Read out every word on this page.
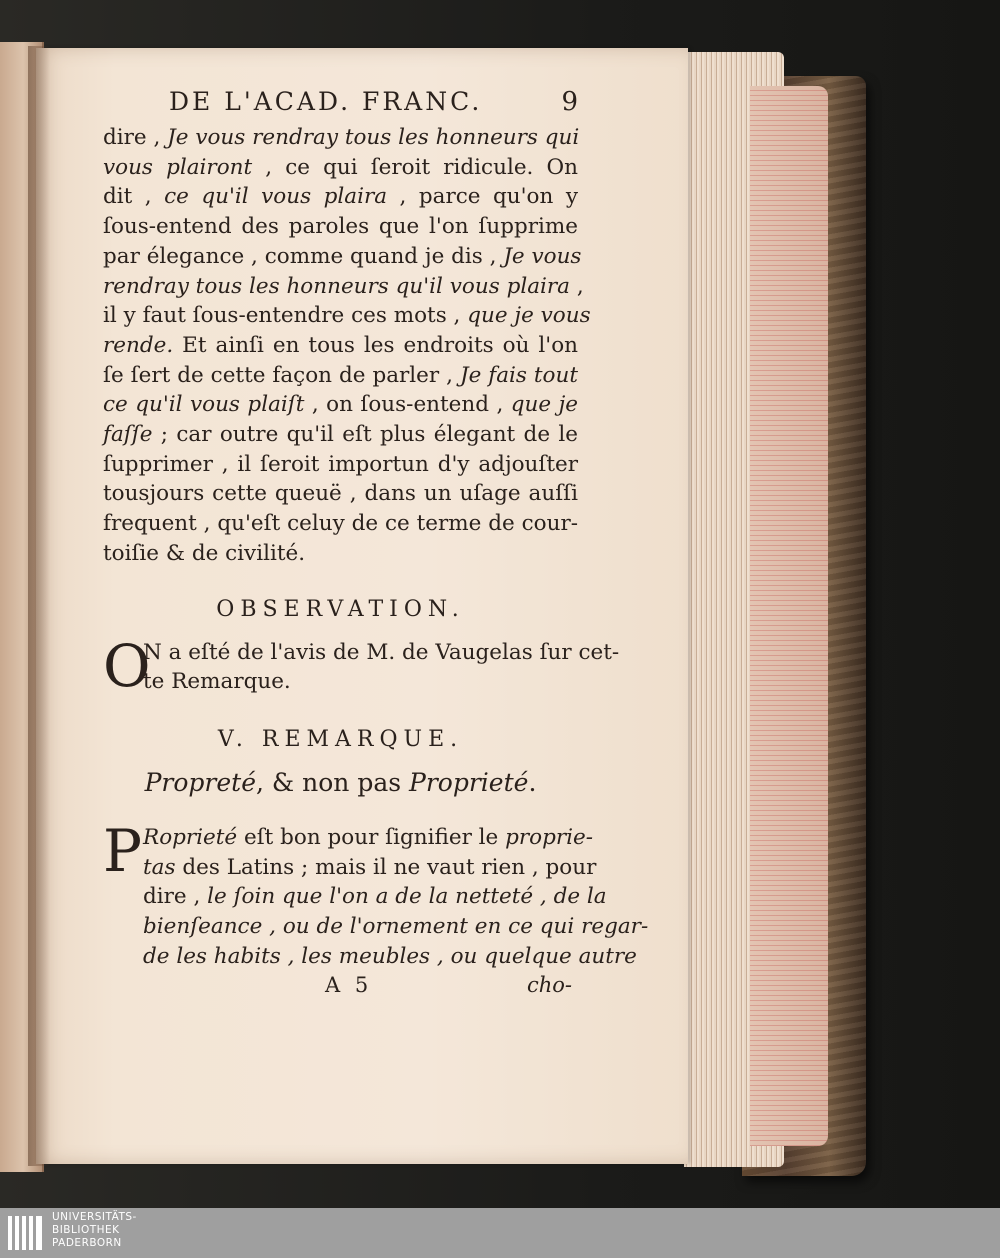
DE L'ACAD. FRANC.	9
dire , Je vous rendray tous les honneurs qui
vous plairont , ce qui ſeroit ridicule. On
dit , ce qu'il vous plaira , parce qu'on y
ſous-entend des paroles que l'on ſupprime
par élegance , comme quand je dis , Je vous
rendray tous les honneurs qu'il vous plaira ,
il y faut ſous-entendre ces mots , que je vous
rende. Et ainſi en tous les endroits où l'on
ſe ſert de cette façon de parler , Je fais tout
ce qu'il vous plaiſt , on ſous-entend , que je
faſſe ; car outre qu'il eſt plus élegant de le
ſupprimer , il ſeroit importun d'y adjouſter
tousjours cette queuë , dans un uſage auſſi
frequent , qu'eſt celuy de ce terme de cour-
toiſie & de civilité.
OBSERVATION.
O
N a eſté de l'avis de M. de Vaugelas ſur cet-
te Remarque.
V. REMARQUE.
Propreté, & non pas Proprieté.
P Roprieté eſt bon pour ſignifier le proprie-
tas des Latins ; mais il ne vaut rien , pour
dire , le ſoin que l'on a de la netteté , de la
bienſeance , ou de l'ornement en ce qui regar-
de les habits , les meubles , ou quelque autre
A 5	cho-
UNIVERSITÄTS-
BIBLIOTHEK
PADERBORN
